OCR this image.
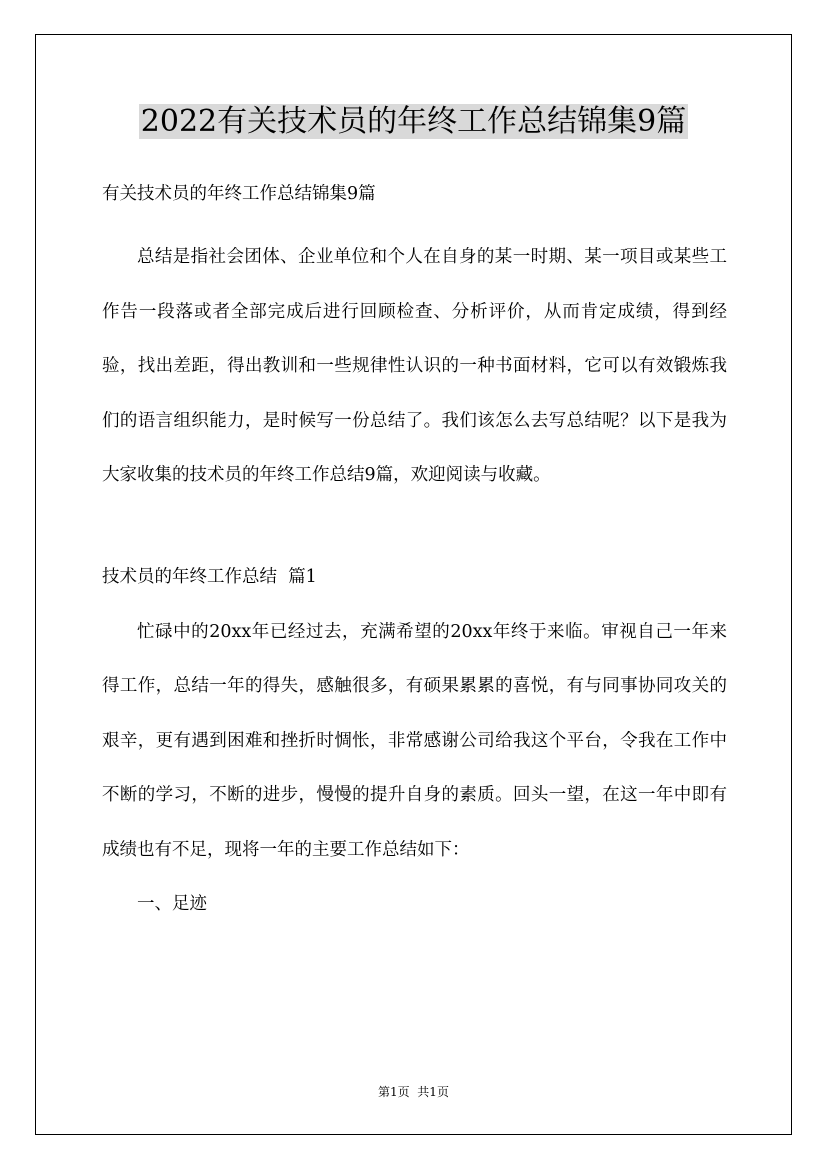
2022有关技术员的年终工作总结锦集9篇

有关技术员的年终工作总结锦集9篇

总结是指社会团体、企业单位和个人在自身的某一时期、某一项目或某些工作告一段落或者全部完成后进行回顾检查、分析评价，从而肯定成绩，得到经验，找出差距，得出教训和一些规律性认识的一种书面材料，它可以有效锻炼我们的语言组织能力，是时候写一份总结了。我们该怎么去写总结呢？以下是我为大家收集的技术员的年终工作总结9篇，欢迎阅读与收藏。

技术员的年终工作总结  篇1

忙碌中的20xx年已经过去，充满希望的20xx年终于来临。审视自己一年来得工作，总结一年的得失，感触很多，有硕果累累的喜悦，有与同事协同攻关的艰辛，更有遇到困难和挫折时惆怅，非常感谢公司给我这个平台，令我在工作中不断的学习，不断的进步，慢慢的提升自身的素质。回头一望，在这一年中即有成绩也有不足，现将一年的主要工作总结如下：

一、足迹

第1页  共1页
